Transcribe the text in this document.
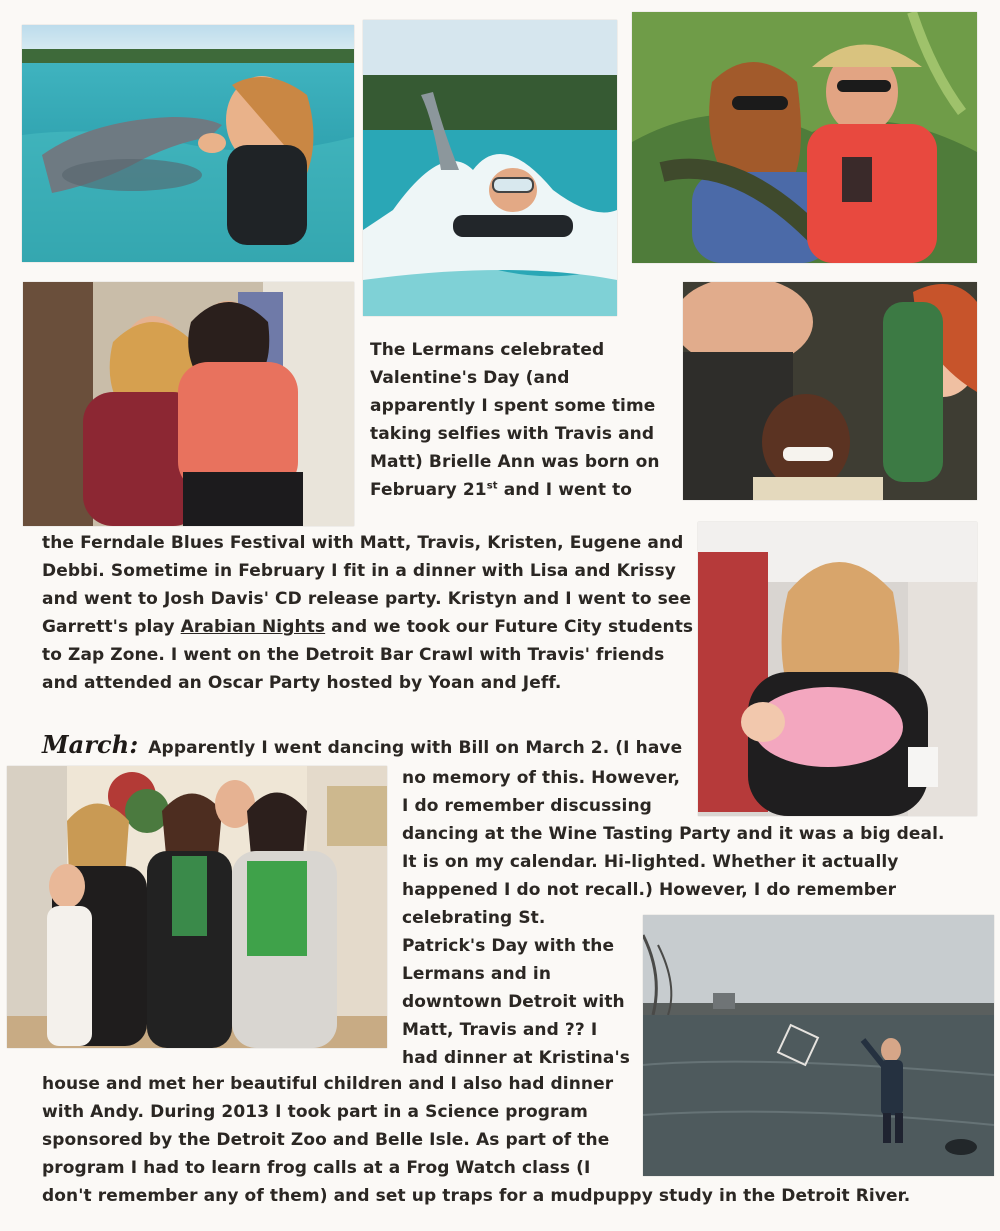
The Lermans celebrated
Valentine's Day (and
apparently I spent some time
taking selfies with Travis and
Matt) Brielle Ann was born on
February 21st and I went to
the Ferndale Blues Festival with Matt, Travis, Kristen, Eugene and
Debbi. Sometime in February I fit in a dinner with Lisa and Krissy
and went to Josh Davis' CD release party. Kristyn and I went to see
Garrett's play Arabian Nights and we took our Future City students
to Zap Zone. I went on the Detroit Bar Crawl with Travis' friends
and attended an Oscar Party hosted by Yoan and Jeff.
March: Apparently I went dancing with Bill on March 2. (I have
no memory of this. However,
I do remember discussing
dancing at the Wine Tasting Party and it was a big deal.
It is on my calendar. Hi-lighted. Whether it actually
happened I do not recall.) However, I do remember
celebrating St.
Patrick's Day with the
Lermans and in
downtown Detroit with
Matt, Travis and ?? I
had dinner at Kristina's
house and met her beautiful children and I also had dinner
with Andy. During 2013 I took part in a Science program
sponsored by the Detroit Zoo and Belle Isle. As part of the
program I had to learn frog calls at a Frog Watch class (I
don't remember any of them) and set up traps for a mudpuppy study in the Detroit River.
